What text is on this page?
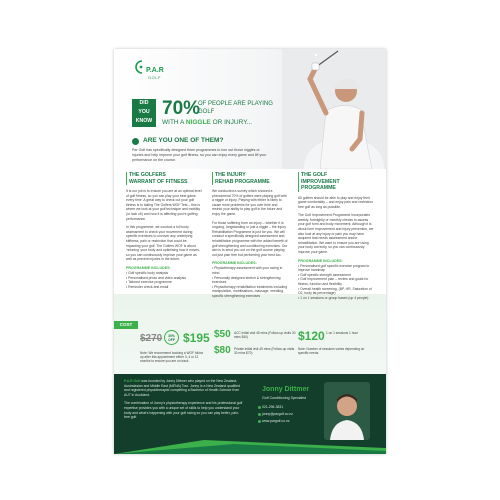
P.A.R
GOLF
DID
YOU
KNOW
70%
OF PEOPLE ARE PLAYING GOLF
WITH A NIGGLE OR INJURY...
ARE YOU ONE OF THEM?
Par Golf has specifically designed three programmes to iron out those niggles or injuries and help improve your golf fitness, so you can enjoy every game and lift your performance on the course.
THE GOLFERS
WARRANT OF FITNESS
It is our job is to ensure you are at an optimal level of golf fitness, so you can play your best game every time. A great way to check out your golf fitness is to taking The Golfers WOF Test – this is where we look at your golf technique and mobility (or lack of!) and how it is affecting you're golfing performance.
In this programme, we conduct a full body assessment to check your movement during specific exercises to uncover any underlying stiffness, pain or restriction that could be impacting your golf. The Golfers WOF is about 'retuning' your body and optimising how it moves, so you can continuously improve your game as well as prevent injuries in the future.
PROGRAMME INCLUDES:
• Golf specific body analysis
• Personalised photo and video analysis
• Tailored exercise programme
• Reminder check-test email
THE INJURY
REHAB PROGRAMME
We conducted a survey which showed a phenomenal 70% of golfers were playing golf with a niggle or injury. Playing with either is likely to cause more problems for you over time and restrict your ability to play golf in the future and enjoy the game.
For those suffering from an injury – whether it is ongoing, longstanding or just a niggle – the Injury Rehabilitation Programme is just for you. We will conduct a specifically designed assessment and rehabilitation programme with the added benefit of golf strengthening and conditioning exercises. Our aim is to send you out on the golf course playing not just pain free but performing your best too.
PROGRAMME INCLUDES:
• Physiotherapy assessment with your swing in mind
• Personally designed stretch & strengthening exercises
• Physiotherapy rehabilitation treatments including manipulation, mobilisations, massage, needling, specific strengthening exercises
THE GOLF
IMPROVEMENT PROGRAMME
All golfers should be able to play and enjoy their game comfortably – and enjoy pain and restriction free golf as long as possible.
The Golf Improvement Programme incorporates weekly, fortnightly or monthly checks to assess your golf form and body movement. Although it is about form improvement and injury prevention, we also look at any injury or pain you may have acquired that needs assessment and/or rehabilitation. We want to ensure you are using your body correctly, so you can continuously improve your game.
PROGRAMME INCLUDES:
• Personalised golf specific exercise program to improve handicap
• Golf specific strength assessment
• Golf improvement plan – review and goals for fitness, function and flexibility
• Overall health screening, (BP, HR, Saturation of O2, body fat percentage)
• 1 on 1 sessions or group based (up 4 people)
COST
$270	30% OFF $195
Note: We recommend booking a WOF follow up after this appointment either 3, 4 or 12 months to ensure you are on track.
$50 ACC initial visit 45 mins (Follow-up visits 30 mins $40)
$80 Private initial visit 45 mins (Follow-up visits 30 mins $70)
$120 1 on 1 sessions 1 hour
Note: Number of sessions varies depending on specific needs.
P.A.R Golf was founded by Jonny Dittmer who played on the New Zealand, Australasian and Middle East (MENA) Tour. Jonny is a New Zealand qualified and registered physiotherapist completing a Bachelor of Health Science from AUT in Auckland.
The combination of Jonny's physiotherapy experience and his professional golf expertise provides you with a unique set of skills to help you understand your body and what's happening with your golf swing so you can play better, pain-free golf.
Jonny Dittmer
Golf Conditioning Specialist
021-296-3831
jonny@pargolf.co.nz
www.pargolf.co.nz
